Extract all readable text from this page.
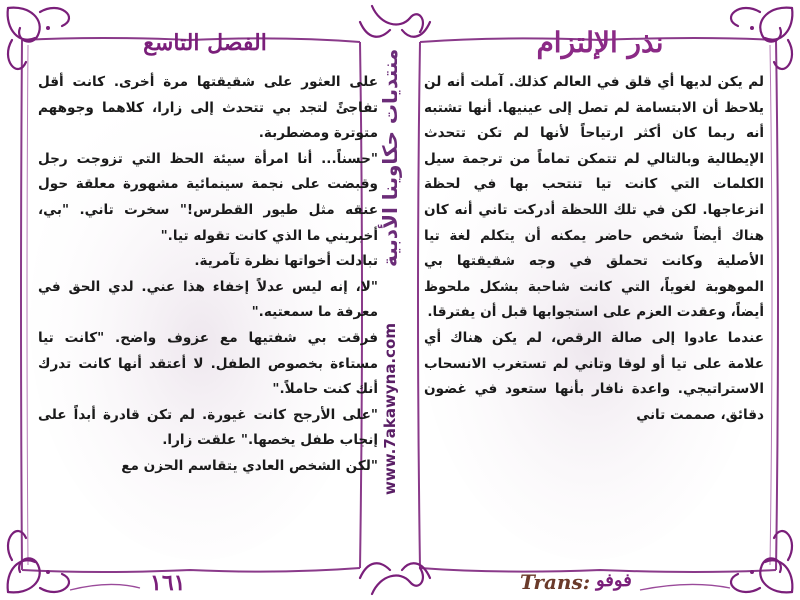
الفصل التاسع	نذر الإلتزام

على العثور على شقيقتها مرة أخرى. كانت أقل تفاجئً لتجد بي تتحدث إلى زارا، كلاهما وجوههم متوترة ومضطربة.

"حسناً... أنا امرأة سيئة الحظ التي تزوجت رجل وقبضت على نجمة سينمائية مشهورة معلقة حول عنقه مثل طيور القطرس!" سخرت تاني. "بي، أخبريني ما الذي كانت تقوله تيا."

تبادلت أخواتها نظرة تآمرية.

"لا، إنه ليس عدلاً إخفاء هذا عني. لدي الحق في معرفة ما سمعتيه."

فرقت بي شفتيها مع عزوف واضح. "كانت تيا مستاءة بخصوص الطفل. لا أعتقد أنها كانت تدرك أنك كنت حاملاً."

"على الأرجح كانت غيورة. لم تكن قادرة أبداً على إنجاب طفل يخصها." علقت زارا.

"لكن الشخص العادي يتقاسم الحزن مع

لم يكن لديها أي قلق في العالم كذلك. آملت أنه لن يلاحظ أن الابتسامة لم تصل إلى عينيها. أنها تشتبه أنه ربما كان أكثر ارتياحاً لأنها لم تكن تتحدث الإيطالية وبالتالي لم تتمكن تماماً من ترجمة سيل الكلمات التي كانت تيا تنتحب بها في لحظة انزعاجها. لكن في تلك اللحظة أدركت تاني أنه كان هناك أيضاً شخص حاضر يمكنه أن يتكلم لغة تيا الأصلية وكانت تحملق في وجه شقيقتها بي الموهوبة لغوياً، التي كانت شاحبة بشكل ملحوظ أيضاً، وعقدت العزم على استجوابها قبل أن يفترقا.

عندما عادوا إلى صالة الرقص، لم يكن هناك أي علامة على تيا أو لوقا وتاني لم تستغرب الانسحاب الاستراتيجي. واعدة نافار بأنها ستعود في غضون دقائق، صممت تاني

منتديات حكاوينا الأدبية
www.7akawyna.com
١٦١	Trans: فوفو
